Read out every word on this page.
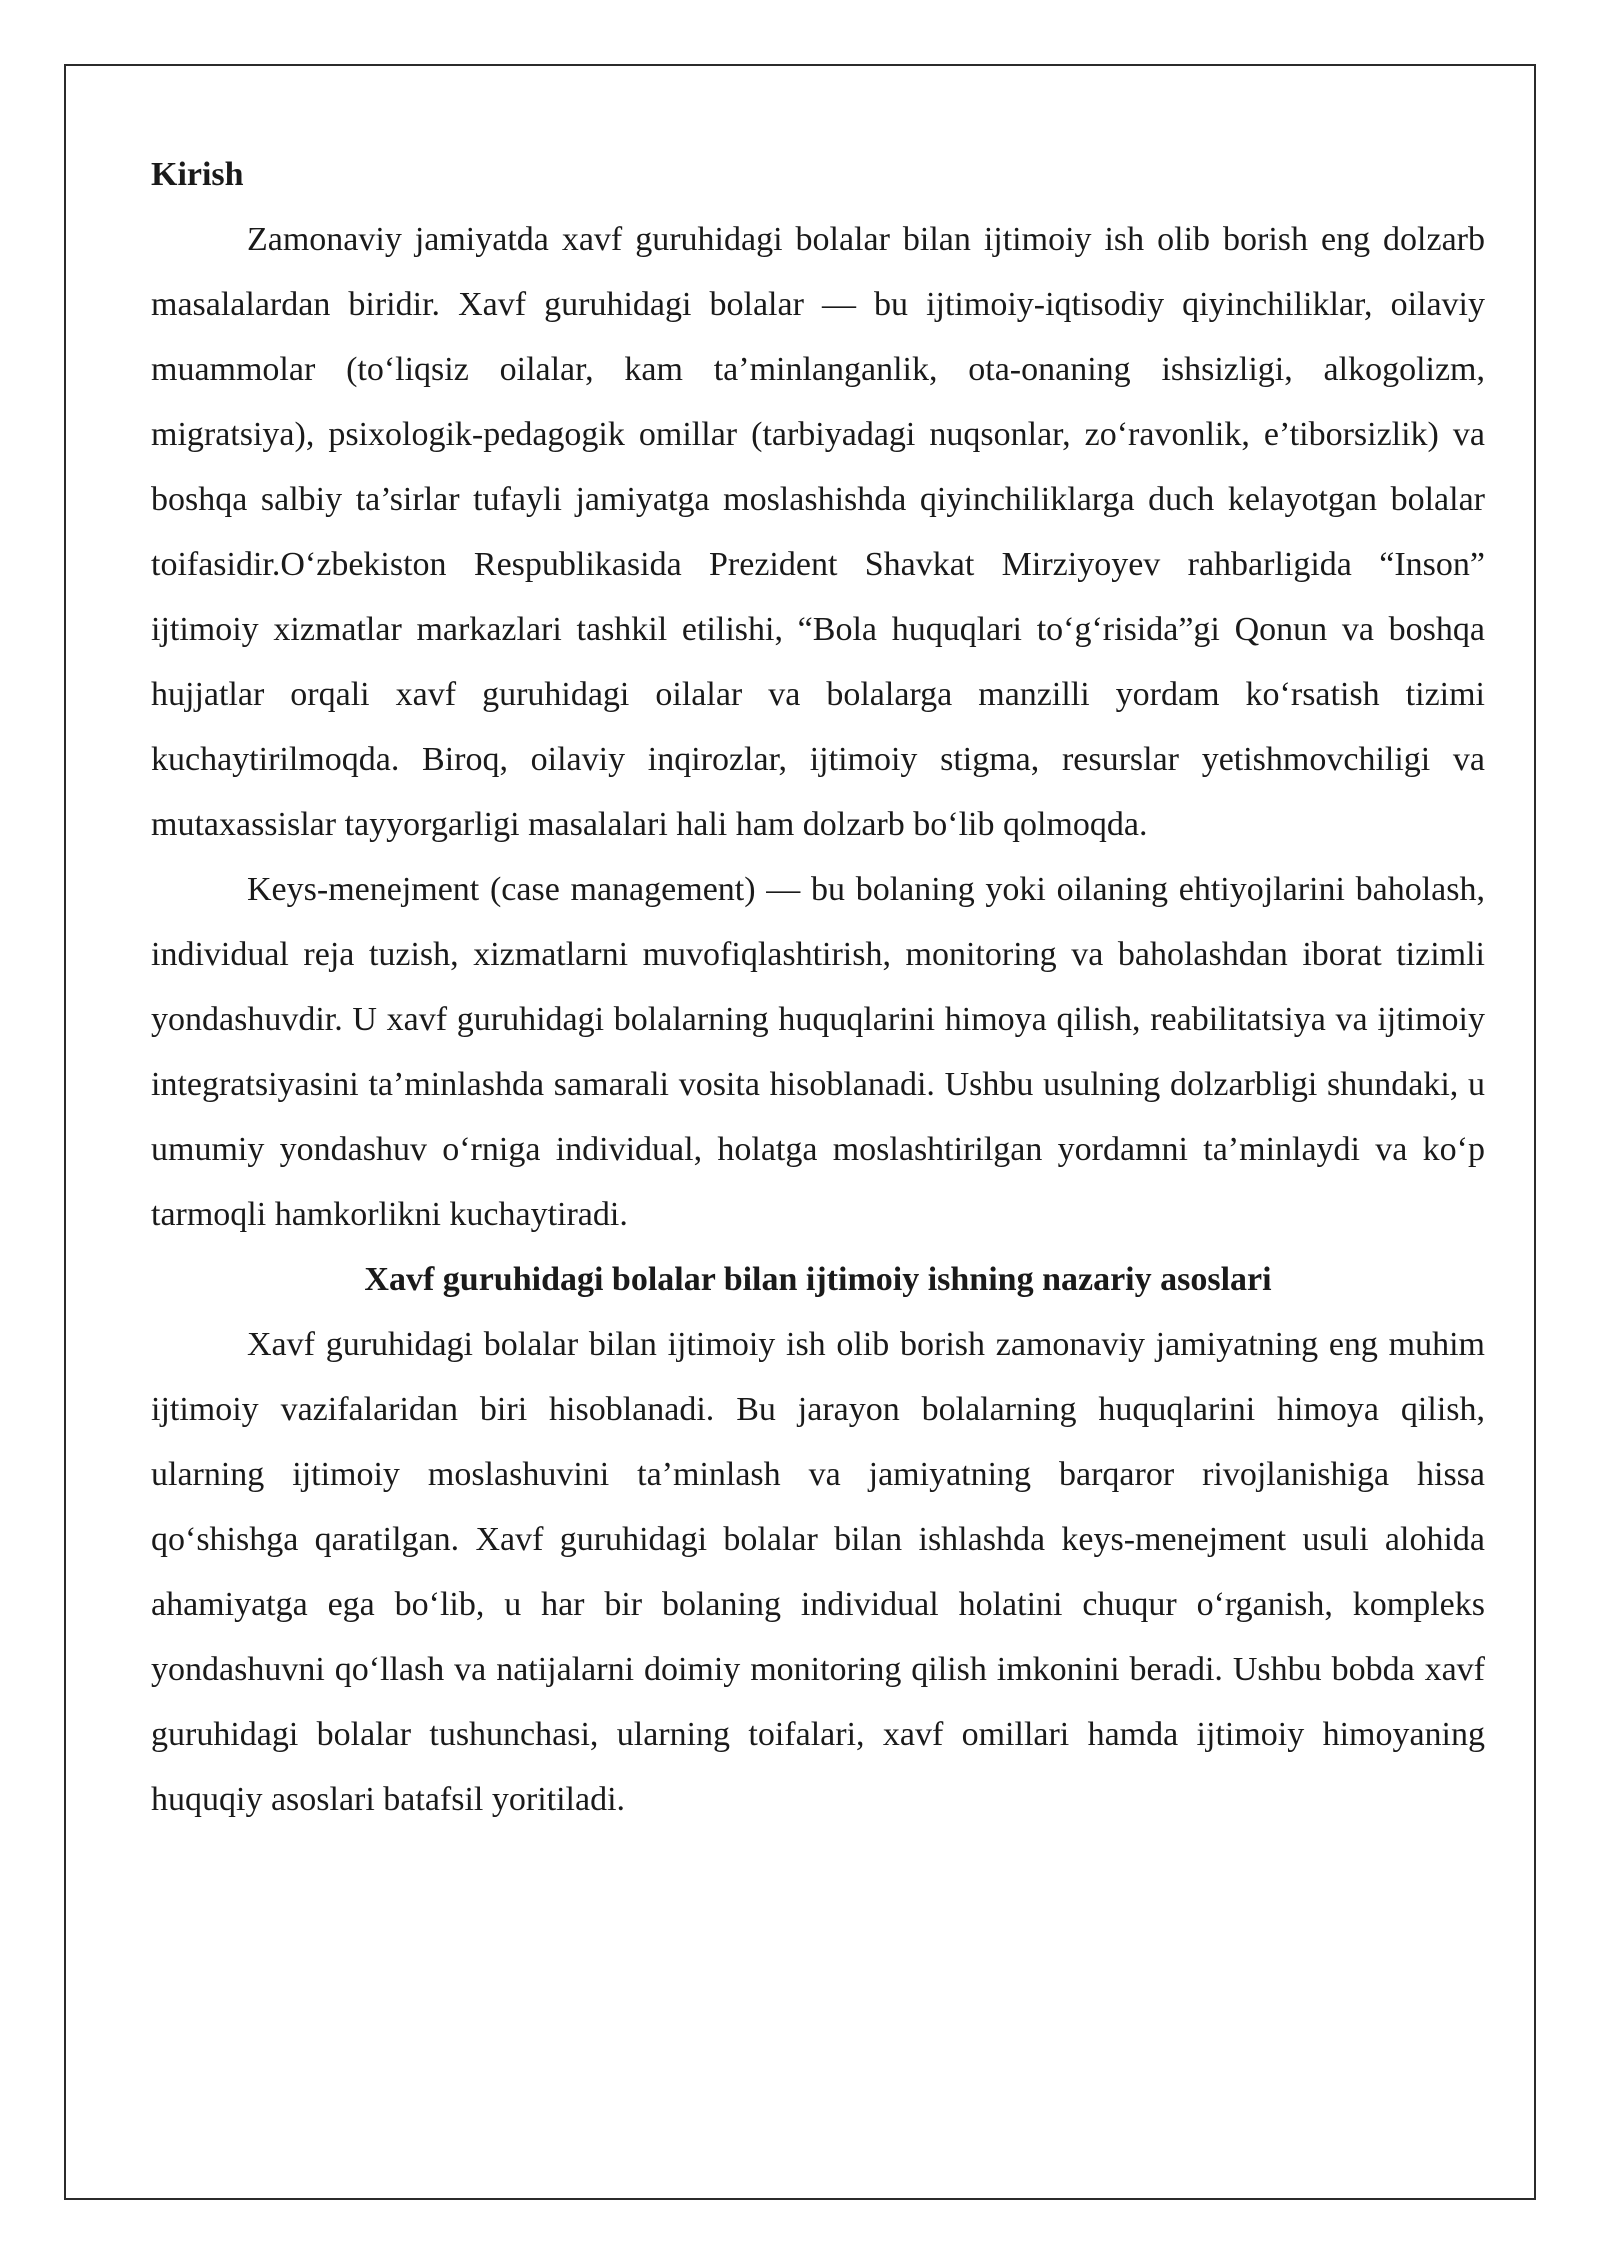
Kirish

Zamonaviy jamiyatda xavf guruhidagi bolalar bilan ijtimoiy ish olib borish eng dolzarb masalalardan biridir. Xavf guruhidagi bolalar — bu ijtimoiy-iqtisodiy qiyinchiliklar, oilaviy muammolar (to‘liqsiz oilalar, kam ta’minlanganlik, ota-onaning ishsizligi, alkogolizm, migratsiya), psixologik-pedagogik omillar (tarbiyadagi nuqsonlar, zo‘ravonlik, e’tiborsizlik) va boshqa salbiy ta’sirlar tufayli jamiyatga moslashishda qiyinchiliklarga duch kelayotgan bolalar toifasidir.O‘zbekiston Respublikasida Prezident Shavkat Mirziyoyev rahbarligida “Inson” ijtimoiy xizmatlar markazlari tashkil etilishi, “Bola huquqlari to‘g‘risida”gi Qonun va boshqa hujjatlar orqali xavf guruhidagi oilalar va bolalarga manzilli yordam ko‘rsatish tizimi kuchaytirilmoqda. Biroq, oilaviy inqirozlar, ijtimoiy stigma, resurslar yetishmovchiligi va mutaxassislar tayyorgarligi masalalari hali ham dolzarb bo‘lib qolmoqda.

Keys-menejment (case management) — bu bolaning yoki oilaning ehtiyojlarini baholash, individual reja tuzish, xizmatlarni muvofiqlashtirish, monitoring va baholashdan iborat tizimli yondashuvdir. U xavf guruhidagi bolalarning huquqlarini himoya qilish, reabilitatsiya va ijtimoiy integratsiyasini ta’minlashda samarali vosita hisoblanadi. Ushbu usulning dolzarbligi shundaki, u umumiy yondashuv o‘rniga individual, holatga moslashtirilgan yordamni ta’minlaydi va ko‘p tarmoqli hamkorlikni kuchaytiradi.

Xavf guruhidagi bolalar bilan ijtimoiy ishning nazariy asoslari

Xavf guruhidagi bolalar bilan ijtimoiy ish olib borish zamonaviy jamiyatning eng muhim ijtimoiy vazifalaridan biri hisoblanadi. Bu jarayon bolalarning huquqlarini himoya qilish, ularning ijtimoiy moslashuvini ta’minlash va jamiyatning barqaror rivojlanishiga hissa qo‘shishga qaratilgan. Xavf guruhidagi bolalar bilan ishlashda keys-menejment usuli alohida ahamiyatga ega bo‘lib, u har bir bolaning individual holatini chuqur o‘rganish, kompleks yondashuvni qo‘llash va natijalarni doimiy monitoring qilish imkonini beradi. Ushbu bobda xavf guruhidagi bolalar tushunchasi, ularning toifalari, xavf omillari hamda ijtimoiy himoyaning huquqiy asoslari batafsil yoritiladi.
